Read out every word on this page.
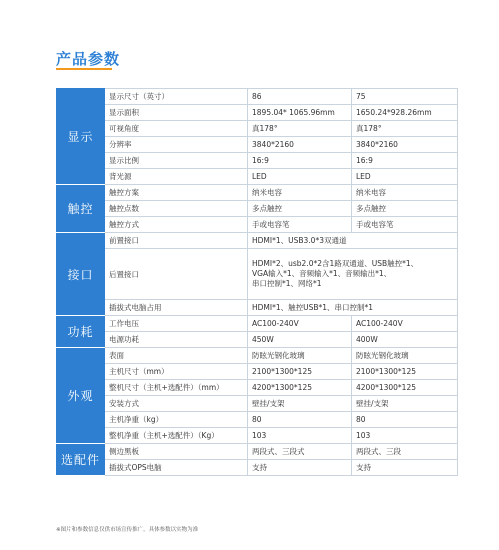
产品参数
显示	显示尺寸（英寸）	86	75
	显示面积	1895.04* 1065.96mm	1650.24*928.26mm
	可视角度	真178°	真178°
	分辨率	3840*2160	3840*2160
	显示比例	16:9	16:9
	背光源	LED	LED
触控	触控方案	纳米电容	纳米电容
	触控点数	多点触控	多点触控
	触控方式	手或电容笔	手或电容笔
接口	前置接口	HDMI*1、USB3.0*3双通道	
	后置接口	HDMI*2、usb2.0*2含1路双通道、USB触控*1、
VGA输入*1、音频输入*1、音频输出*1、
串口控制*1、网络*1	

	插拔式电脑占用	HDMI*1、触控USB*1、串口控制*1	
功耗	工作电压	AC100-240V	AC100-240V
	电源功耗	450W	400W
外观	表面	防眩光钢化玻璃	防眩光钢化玻璃
	主机尺寸（mm）	2100*1300*125	2100*1300*125
	整机尺寸（主机+选配件）（mm）	4200*1300*125	4200*1300*125
	安装方式	壁挂/支架	壁挂/支架
	主机净重（kg）	80	80
	整机净重（主机+选配件）（Kg）	103	103
选配件	侧边黑板	两段式、三段式	两段式、三段
	插拔式OPS电脑	支持	支持
※图片和参数信息仅供市场宣传推广，具体参数以实物为准
